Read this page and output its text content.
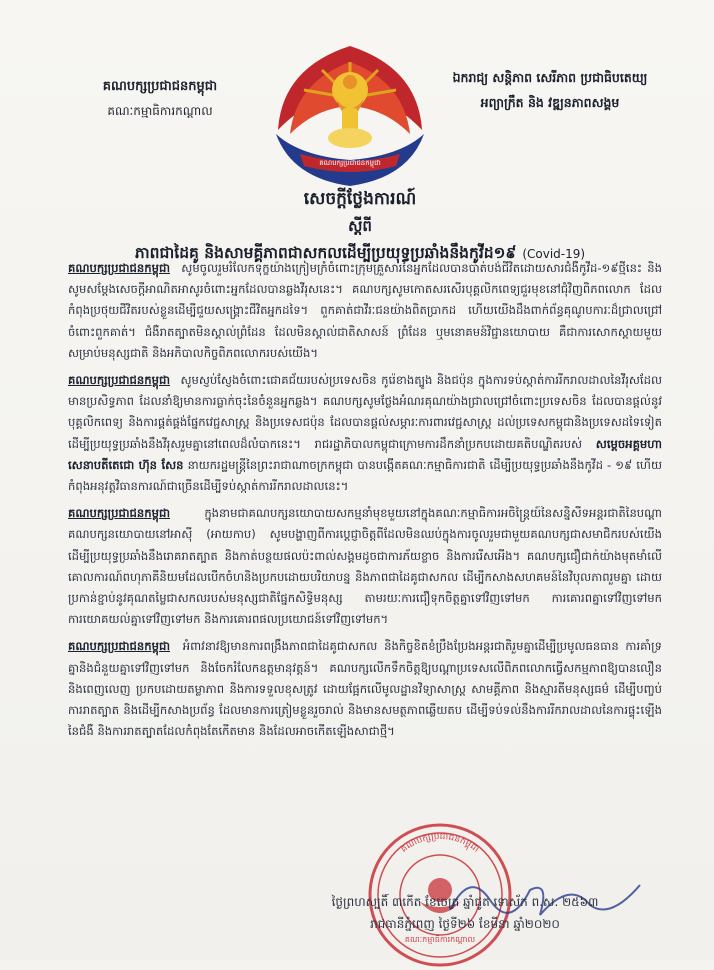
គណបក្សប្រជាជនកម្ពុជា
គណៈកម្មាធិការកណ្តាល
គណបក្សប្រជាជនកម្ពុជា
ឯករាជ្យ សន្តិភាព សេរីភាព ប្រជាធិបតេយ្យ
អព្យាក្រឹត និង វឌ្ឍនភាពសង្គម
សេចក្តីថ្លែងការណ៍
ស្តីពី
ភាពជាដៃគូ និងសាមគ្គីភាពជាសកលដើម្បីប្រយុទ្ធប្រឆាំងនឹងកូវីដ១៩ (Covid-19)

គណបក្សប្រជាជនកម្ពុជា សូមចូលរួមរំលែកទុក្ខយ៉ាងក្រៀមក្រំចំពោះក្រុមគ្រួសារនៃអ្នកដែលបានបាត់បង់ជីវិតដោយសារជំងឺកូវីដ-១៩ថ្មីនេះ និងសូមសម្តែងសេចក្តីអាណិតអាសូរចំពោះអ្នកដែលបានឆ្លងវីរុសនេះ។ គណបក្សសូមកោតសរសើរបុគ្គលិកពេទ្យជួរមុខនៅជុំវិញពិភពលោក ដែលកំពុងប្រថុយជីវិតរបស់ខ្លួនដើម្បីជួយសង្គ្រោះជីវិតអ្នកដទៃ។ ពួកគាត់ជាវីរៈជនយ៉ាងពិតប្រាកដ ហើយយើងដឹងពាក់ព័ន្ធគុណូបការៈដ៏ជ្រាលជ្រៅចំពោះពួកគាត់។ ជំងឺរាតត្បាតមិនស្គាល់ព្រំដែន ដែលមិនស្គាល់ជាតិសាសន៍ ព្រំដែន ឬមនោគមន៍វិជ្ជានយោបាយ គឺជាការសោកស្តាយមួយសម្រាប់មនុស្សជាតិ និងអភិបាលកិច្ចពិភពលោករបស់យើង។

គណបក្សប្រជាជនកម្ពុជា សូមស្ញប់ស្ញែងចំពោះជោគជ័យរបស់ប្រទេសចិន កូរ៉េខាងត្បូង និងជប៉ុន ក្នុងការទប់ស្កាត់ការរីករាលដាលនៃវីរុសដែលមានប្រសិទ្ធភាព ដែលនាំឱ្យមានការធ្លាក់ចុះនៃចំនួនអ្នកឆ្លង។ គណបក្សសូមថ្លែងអំណរគុណយ៉ាងជ្រាលជ្រៅចំពោះប្រទេសចិន ដែលបានផ្តល់នូវបុគ្គលិកពេទ្យ និងការផ្គត់ផ្គង់ផ្នែកវេជ្ជសាស្ត្រ និងប្រទេសជប៉ុន ដែលបានផ្តល់សម្ភារៈការពារវេជ្ជសាស្ត្រ ដល់ប្រទេសកម្ពុជានិងប្រទេសដទៃទៀត ដើម្បីប្រយុទ្ធប្រឆាំងនឹងវីរុសរួមគ្នានៅពេលដ៏លំបាកនេះ។ រាជរដ្ឋាភិបាលកម្ពុជាក្រោមការដឹកនាំប្រកបដោយគតិបណ្ឌិតរបស់ សម្តេចអគ្គមហាសេនាបតីតេជោ ហ៊ុន សែន នាយករដ្ឋមន្ត្រីនៃព្រះរាជាណាចក្រកម្ពុជា បានបង្កើតគណៈកម្មាធិការជាតិ ដើម្បីប្រយុទ្ធប្រឆាំងនឹងកូវីដ - ១៩ ហើយកំពុងអនុវត្តវិធានការណ៍ជាច្រើនដើម្បីទប់ស្កាត់ការរីករាលដាលនេះ។

គណបក្សប្រជាជនកម្ពុជា	ក្នុងនាមជាគណបក្សនយោបាយសកម្មនាំមុខមួយនៅក្នុងគណៈកម្មាធិការអចិន្ត្រៃយ៍នៃសន្និសីទអន្តរជាតិនៃបណ្តាគណបក្សនយោបាយនៅអាស៊ី (អាយកាប) សូមបង្ហាញពីការប្តេជ្ញាចិត្តពីដែលមិនឈប់ក្នុងការចូលរួមជាមួយគណបក្សជាសមាជិករបស់យើង ដើម្បីប្រយុទ្ធប្រឆាំងនឹងរោគរាតត្បាត និងកាត់បន្ថយផលប៉ះពាល់សង្គមដូចជាការភ័យខ្លាច និងការរើសអើង។ គណបក្សជឿជាក់យ៉ាងមុតមាំលើគោលការណ៍ពហុភាគីនិយមដែលបើកចំហនិងប្រកបដោយបរិយាបន្ន និងភាពជាដៃគូជាសកល ដើម្បីកសាងសហគមន៍នៃវិបុលភាពរួមគ្នា ដោយប្រកាន់ខ្ជាប់នូវគុណតម្លៃជាសកលរបស់មនុស្សជាតិផ្នែកសិទ្ធិមនុស្ស តាមរយៈការជឿទុកចិត្តគ្នាទៅវិញទៅមក ការគោរពគ្នាទៅវិញទៅមក ការយោគយល់គ្នាទៅវិញទៅមក និងការគោរពផលប្រយោជន៍ទៅវិញទៅមក។

គណបក្សប្រជាជនកម្ពុជា អំពាវនាវឱ្យមានការពង្រឹងភាពជាដៃគូជាសកល និងកិច្ចខិតខំប្រឹងប្រែងអន្តរជាតិរួមគ្នាដើម្បីប្រមូលធនធាន ការគាំទ្រគ្នានិងជំនួយគ្នាទៅវិញទៅមក និងចែករំលែកឧត្តមានុវត្តន៍។ គណបក្សលើកទឹកចិត្តឱ្យបណ្តាប្រទេសលើពិភពលោកធ្វើសកម្មភាពឱ្យបានលឿននិងពេញលេញ ប្រកបដោយតម្លាភាព និងការទទួលខុសត្រូវ ដោយផ្អែកលើមូលដ្ឋានវិទ្យាសាស្ត្រ សាមគ្គីភាព និងស្មារតីមនុស្សធម៌ ដើម្បីបញ្ចប់ការរាតត្បាត និងដើម្បីកសាងប្រព័ន្ធ ដែលមានការត្រៀមខ្លួនរួចរាល់ និងមានសមត្ថភាពឆ្លើយតប ដើម្បីទប់ទល់នឹងការរីករាលដាលនៃការផ្ទុះឡើងនៃជំងឺ និងការរាតត្បាតដែលកំពុងតែកើតមាន និងដែលអាចកើតឡើងសាជាថ្មី។

គណបក្សប្រជាជនកម្ពុជា
គណៈកម្មាធិការកណ្តាល
ថ្ងៃព្រហស្បតិ៍ ៣កើត ខែចេត្រ ឆ្នាំជូត ទោស័ក ព.ស. ២៥៦៣
រាជធានីភ្នំពេញ ថ្ងៃទី២៦ ខែមីនា ឆ្នាំ២០២០
